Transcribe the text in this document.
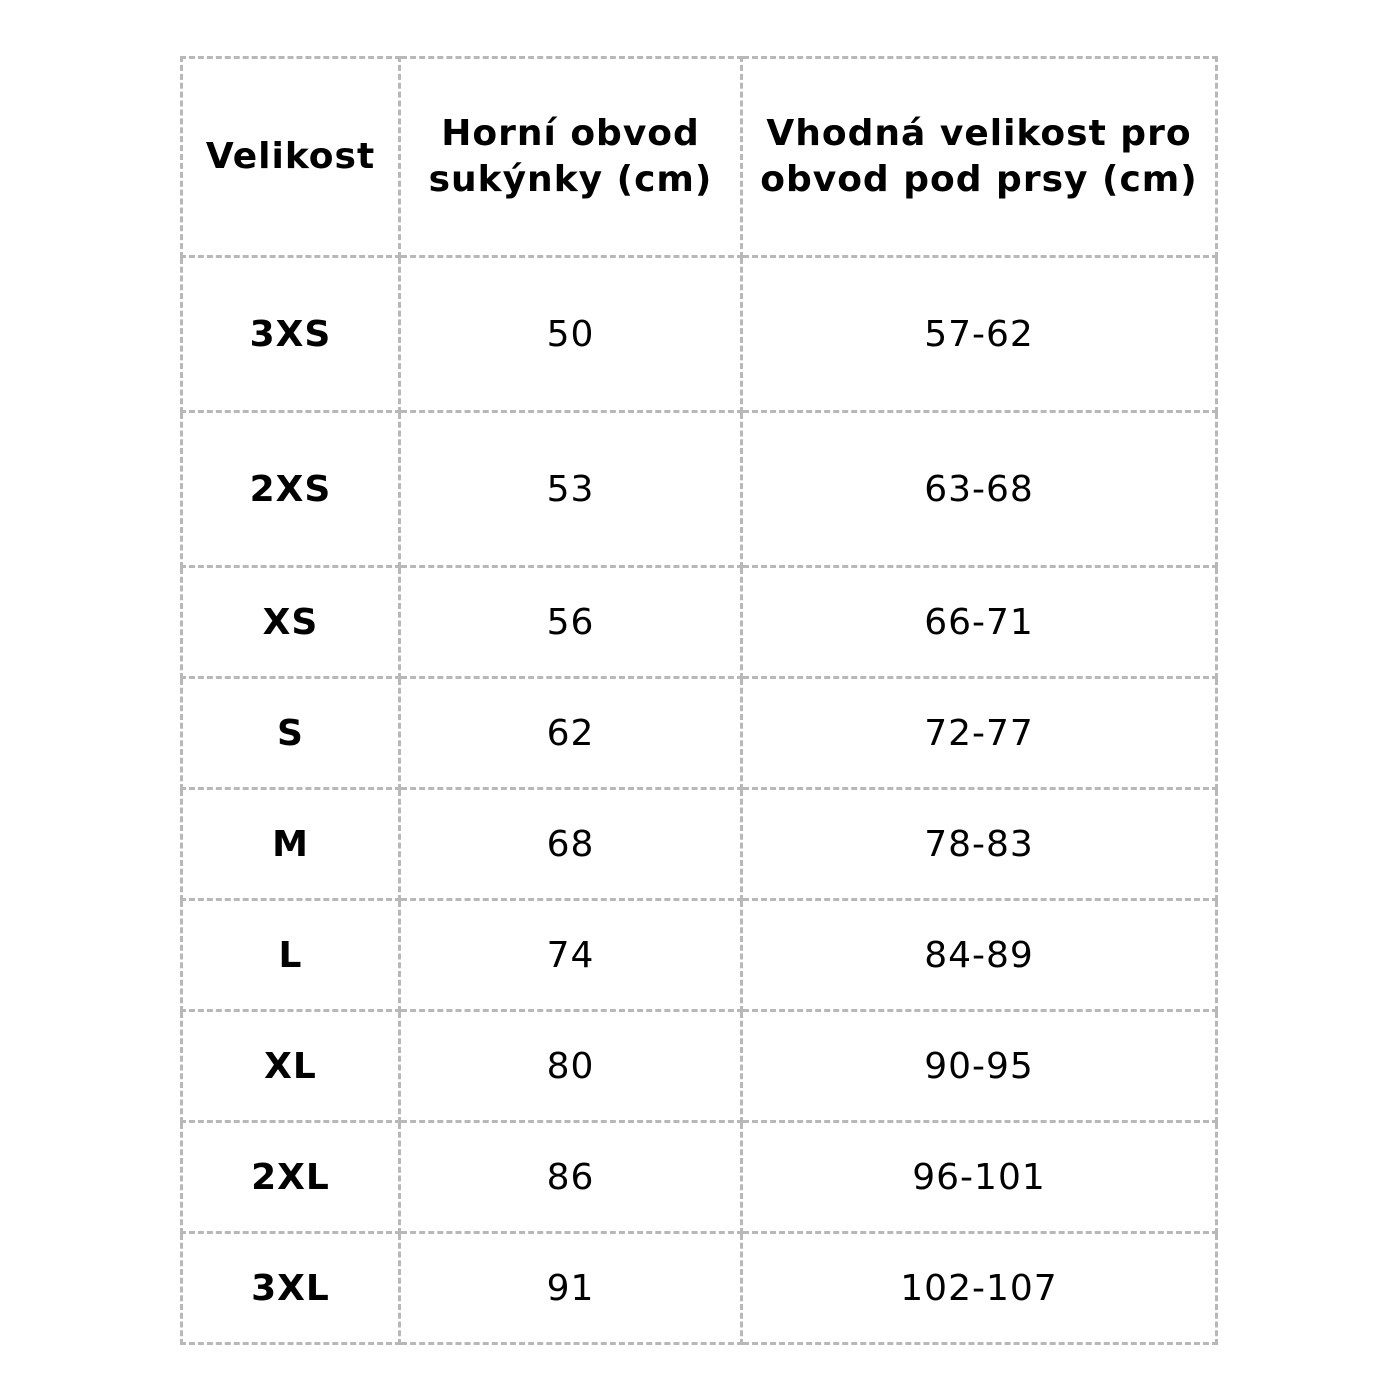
Velikost	Horní obvod sukýnky (cm)	Vhodná velikost pro obvod pod prsy (cm)
3XS	50	57-62
2XS	53	63-68
XS	56	66-71
S	62	72-77
M	68	78-83
L	74	84-89
XL	80	90-95
2XL	86	96-101
3XL	91	102-107
